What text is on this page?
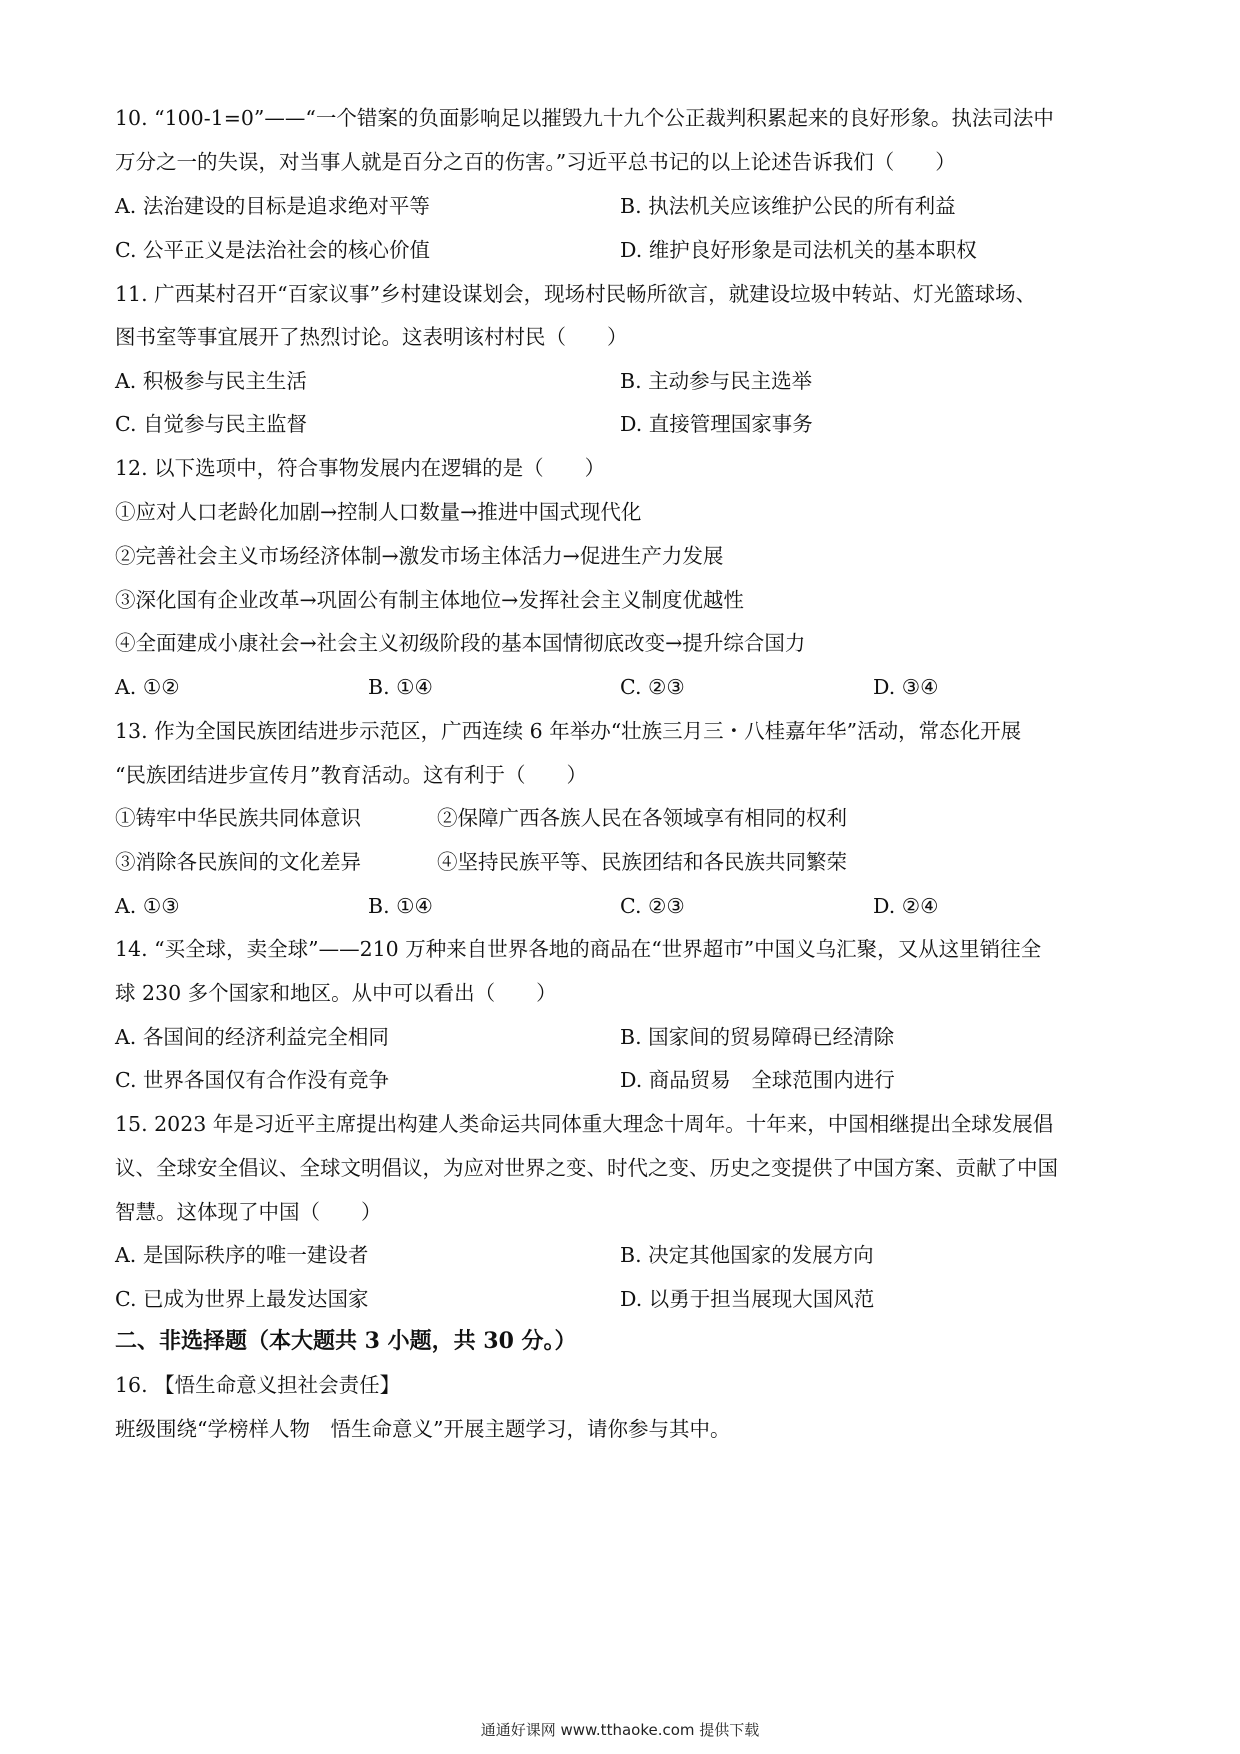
10. “100-1=0”——“一个错案的负面影响足以摧毁九十九个公正裁判积累起来的良好形象。执法司法中
万分之一的失误，对当事人就是百分之百的伤害。”习近平总书记的以上论述告诉我们（　　）
A. 法治建设的目标是追求绝对平等	B. 执法机关应该维护公民的所有利益
C. 公平正义是法治社会的核心价值	D. 维护良好形象是司法机关的基本职权
11. 广西某村召开“百家议事”乡村建设谋划会，现场村民畅所欲言，就建设垃圾中转站、灯光篮球场、
图书室等事宜展开了热烈讨论。这表明该村村民（　　）
A. 积极参与民主生活	B. 主动参与民主选举
C. 自觉参与民主监督	D. 直接管理国家事务
12. 以下选项中，符合事物发展内在逻辑的是（　　）
①应对人口老龄化加剧→控制人口数量→推进中国式现代化
②完善社会主义市场经济体制→激发市场主体活力→促进生产力发展
③深化国有企业改革→巩固公有制主体地位→发挥社会主义制度优越性
④全面建成小康社会→社会主义初级阶段的基本国情彻底改变→提升综合国力
A. ①②	B. ①④	C. ②③	D. ③④
13. 作为全国民族团结进步示范区，广西连续 6 年举办“壮族三月三・八桂嘉年华”活动，常态化开展
“民族团结进步宣传月”教育活动。这有利于（　　）
①铸牢中华民族共同体意识	②保障广西各族人民在各领域享有相同的权利
③消除各民族间的文化差异	④坚持民族平等、民族团结和各民族共同繁荣
A. ①③	B. ①④	C. ②③	D. ②④
14. “买全球，卖全球”——210 万种来自世界各地的商品在“世界超市”中国义乌汇聚，又从这里销往全
球 230 多个国家和地区。从中可以看出（　　）
A. 各国间的经济利益完全相同	B. 国家间的贸易障碍已经清除
C. 世界各国仅有合作没有竞争	D. 商品贸易　全球范围内进行
15. 2023 年是习近平主席提出构建人类命运共同体重大理念十周年。十年来，中国相继提出全球发展倡
议、全球安全倡议、全球文明倡议，为应对世界之变、时代之变、历史之变提供了中国方案、贡献了中国
智慧。这体现了中国（　　）
A. 是国际秩序的唯一建设者	B. 决定其他国家的发展方向
C. 已成为世界上最发达国家	D. 以勇于担当展现大国风范
二、非选择题（本大题共 3 小题，共 30 分。）
16. 【悟生命意义担社会责任】
班级围绕“学榜样人物　悟生命意义”开展主题学习，请你参与其中。
通通好课网 www.tthaoke.com 提供下载
